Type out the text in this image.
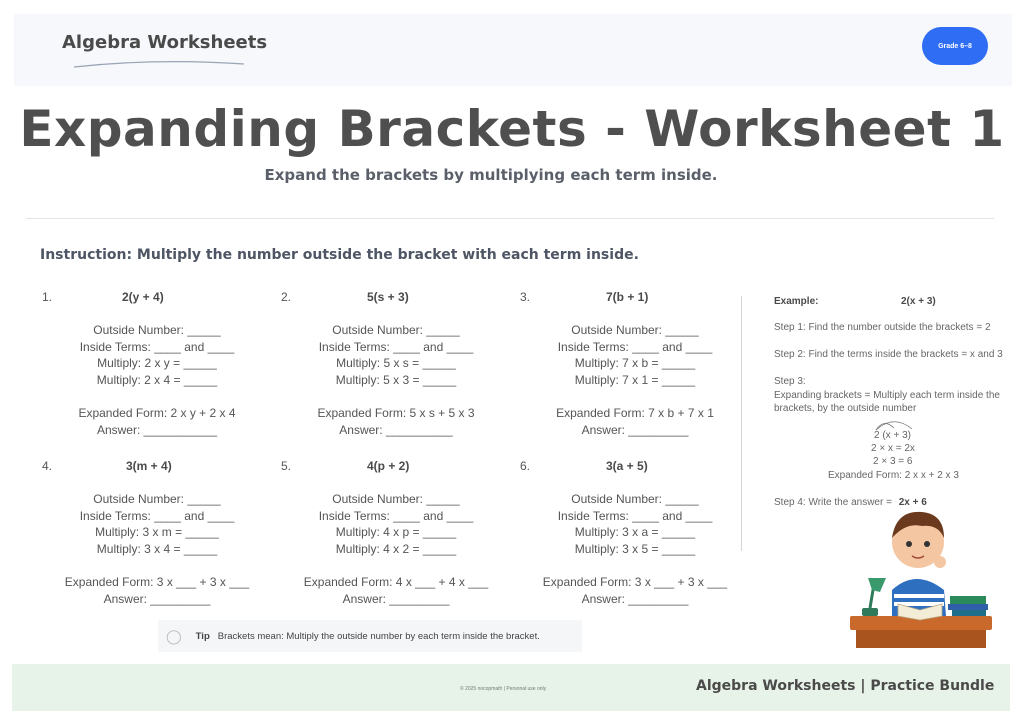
Algebra Worksheets	Grade 6–8
Expanding Brackets - Worksheet 1
Expand the brackets by multiplying each term inside.
Instruction: Multiply the number outside the bracket with each term inside.
1.	2(y + 4)
Outside Number: _____
Inside Terms: ____ and ____
Multiply: 2 x y = _____
Multiply: 2 x 4 = _____
Expanded Form: 2 x y + 2 x 4
Answer: ___________
2.	5(s + 3)
Outside Number: _____
Inside Terms: ____ and ____
Multiply: 5 x s = _____
Multiply: 5 x 3 = _____
Expanded Form: 5 x s + 5 x 3
Answer: __________
3.	7(b + 1)
Outside Number: _____
Inside Terms: ____ and ____
Multiply: 7 x b = _____
Multiply: 7 x 1 = _____
Expanded Form: 7 x b + 7 x 1
Answer: _________
4.	3(m + 4)
Outside Number: _____
Inside Terms: ____ and ____
Multiply: 3 x m = _____
Multiply: 3 x 4 = _____
Expanded Form: 3 x ___ + 3 x ___
Answer: _________
5.	4(p + 2)
Outside Number: _____
Inside Terms: ____ and ____
Multiply: 4 x p = _____
Multiply: 4 x 2 = _____
Expanded Form: 4 x ___ + 4 x ___
Answer: _________
6.	3(a + 5)
Outside Number: _____
Inside Terms: ____ and ____
Multiply: 3 x a = _____
Multiply: 3 x 5 = _____
Expanded Form: 3 x ___ + 3 x ___
Answer: _________
Example:	2(x + 3)
Step 1: Find the number outside the brackets = 2
Step 2: Find the terms inside the brackets = x and 3
Step 3:
Expanding brackets = Multiply each term inside the brackets, by the outside number
2 (x + 3)
2 × x = 2x
2 × 3 = 6
Expanded Form: 2 x x + 2 x 3
Step 4: Write the answer = 2x + 6
◯ Tip Brackets mean: Multiply the outside number by each term inside the bracket.
© 2025 nocopmath | Personal use only	Algebra Worksheets | Practice Bundle
